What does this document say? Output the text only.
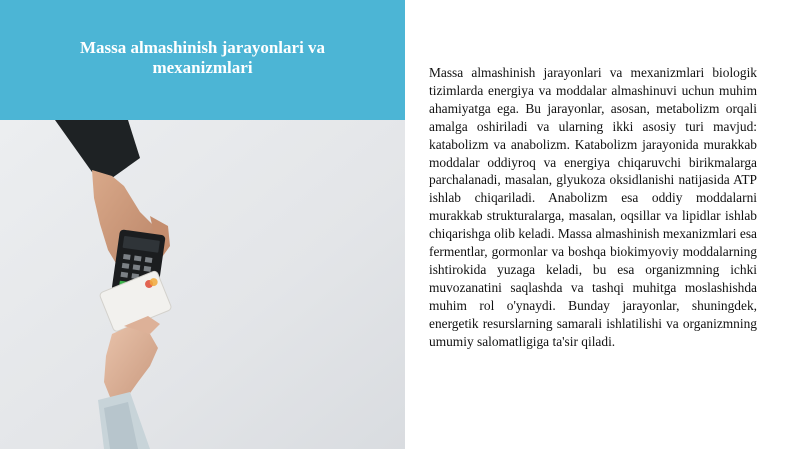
Massa almashinish jarayonlari va mexanizmlari	Massa almashinish jarayonlari va mexanizmlari biologik tizimlarda energiya va moddalar almashinuvi uchun muhim ahamiyatga ega. Bu jarayonlar, asosan, metabolizm orqali amalga oshiriladi va ularning ikki asosiy turi mavjud: katabolizm va anabolizm. Katabolizm jarayonida murakkab moddalar oddiyroq va energiya chiqaruvchi birikmalarga parchalanadi, masalan, glyukoza oksidlanishi natijasida ATP ishlab chiqariladi. Anabolizm esa oddiy moddalarni murakkab strukturalarga, masalan, oqsillar va lipidlar ishlab chiqarishga olib keladi. Massa almashinish mexanizmlari esa fermentlar, gormonlar va boshqa biokimyoviy moddalarning ishtirokida yuzaga keladi, bu esa organizmning ichki muvozanatini saqlashda va tashqi muhitga moslashishda muhim rol o'ynaydi. Bunday jarayonlar, shuningdek, energetik resurslarning samarali ishlatilishi va organizmning umumiy salomatligiga ta'sir qiladi.
